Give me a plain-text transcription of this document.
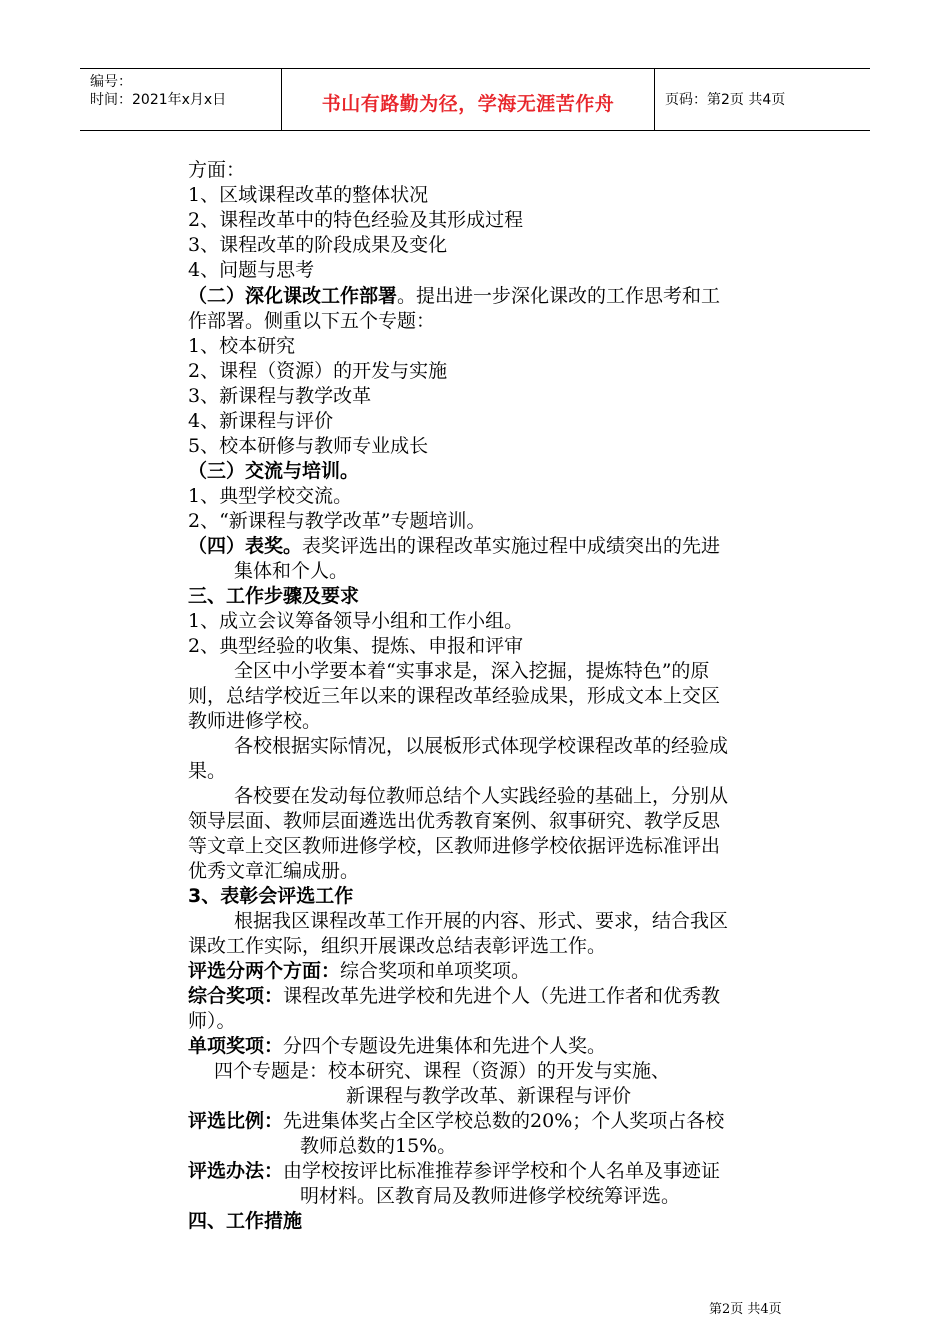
编号：
时间：2021年x月x日	书山有路勤为径，学海无涯苦作舟	页码：第2页 共4页
方面：
1、区域课程改革的整体状况
2、课程改革中的特色经验及其形成过程
3、课程改革的阶段成果及变化
4、问题与思考
（二）深化课改工作部署。提出进一步深化课改的工作思考和工
作部署。侧重以下五个专题：
1、校本研究
2、课程（资源）的开发与实施
3、新课程与教学改革
4、新课程与评价
5、校本研修与教师专业成长
（三）交流与培训。
1、典型学校交流。
2、“新课程与教学改革”专题培训。
（四）表奖。表奖评选出的课程改革实施过程中成绩突出的先进
集体和个人。
三、工作步骤及要求
1、成立会议筹备领导小组和工作小组。
2、典型经验的收集、提炼、申报和评审
全区中小学要本着“实事求是，深入挖掘，提炼特色”的原
则，总结学校近三年以来的课程改革经验成果，形成文本上交区
教师进修学校。
各校根据实际情况，以展板形式体现学校课程改革的经验成
果。
各校要在发动每位教师总结个人实践经验的基础上，分别从
领导层面、教师层面遴选出优秀教育案例、叙事研究、教学反思
等文章上交区教师进修学校，区教师进修学校依据评选标准评出
优秀文章汇编成册。
3、表彰会评选工作
根据我区课程改革工作开展的内容、形式、要求，结合我区
课改工作实际，组织开展课改总结表彰评选工作。
评选分两个方面：综合奖项和单项奖项。
综合奖项：课程改革先进学校和先进个人（先进工作者和优秀教
师）。
单项奖项：分四个专题设先进集体和先进个人奖。
四个专题是：校本研究、课程（资源）的开发与实施、
新课程与教学改革、新课程与评价
评选比例：先进集体奖占全区学校总数的20%；个人奖项占各校
教师总数的15%。
评选办法：由学校按评比标准推荐参评学校和个人名单及事迹证
明材料。区教育局及教师进修学校统筹评选。
四、工作措施
第2页 共4页
